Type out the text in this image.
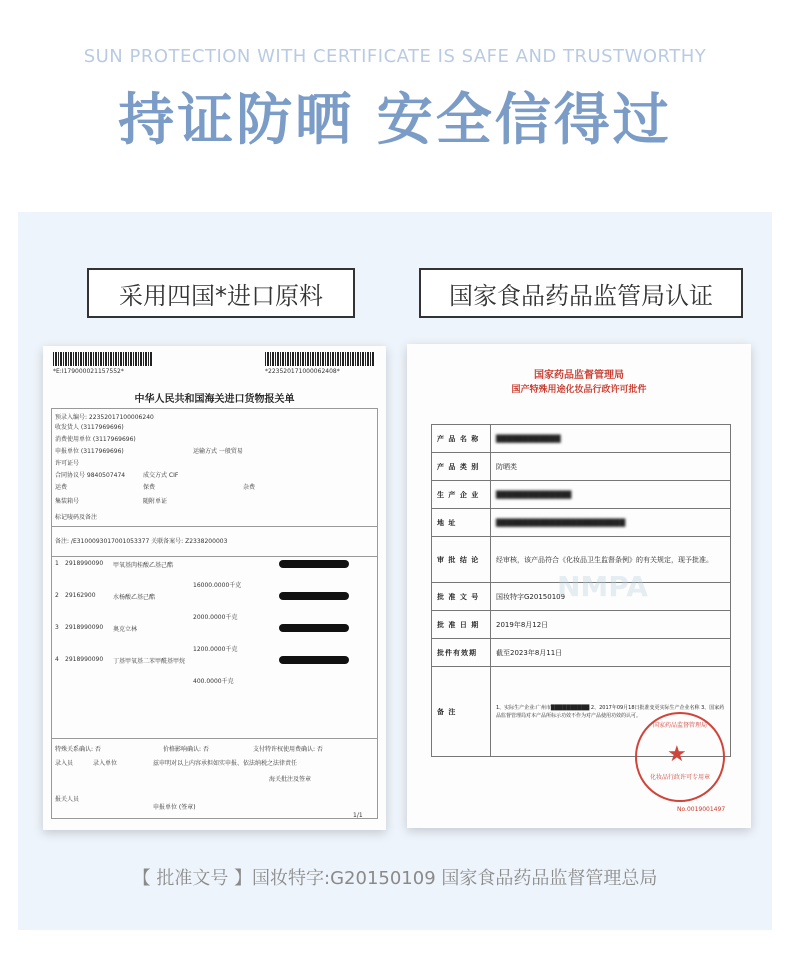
SUN PROTECTION WITH CERTIFICATE IS SAFE AND TRUSTWORTHY
持证防晒 安全信得过
采用四国*进口原料	国家食品药品监管局认证
*E:I179000021157552*	*223520171000062408*
中华人民共和国海关进口货物报关单
预录入编号: 22352017100006240
收发货人 (3117969696)
消费使用单位 (3117969696)
申报单位 (3117969696)	运输方式 一般贸易
许可证号
合同协议号 9840507474	成交方式 CIF
运费	保费	杂费
集装箱号	随附单证
标记唛码及备注
备注: /E3100093017001053377 关联备案号: Z2338200003
1 2918990090 甲氧基肉桂酸乙基己酯
16000.0000千克
2 29162900	水杨酸乙基己酯
2000.0000千克
3 2918990090 奥克立林
1200.0000千克
4 2918990090 丁基甲氧基二苯甲酰基甲烷
400.0000千克
特殊关系确认: 否	价格影响确认: 否	支付特许权使用费确认: 否
录入员	录入单位	兹申明对以上内容承担如实申报、依法纳税之法律责任
海关批注及签章
报关人员
申报单位 (签章)
1/1
国家药品监督管理局
国产特殊用途化妆品行政许可批件
产 品 名 称	████████████
产 品 类 别	防晒类
生 产 企 业	██████████████
地 址	████████████████████████
审 批 结 论	经审核，该产品符合《化妆品卫生监督条例》的有关规定，现予批准。
批 准 文 号	国妆特字G20150109
批 准 日 期	2019年8月12日
批件有效期	截至2023年8月11日
备 注	1、实际生产企业:广州市██████████ 2、2017年09月18日批准变更实际生产企业名称 3、国家药品监督管理局对本产品所标示功效不作为对产品使用功效的认可。
NMPA
国家药品监督管理局
★
化妆品行政许可专用章
No.0019001497
【 批准文号 】国妆特字:G20150109 国家食品药品监督管理总局
